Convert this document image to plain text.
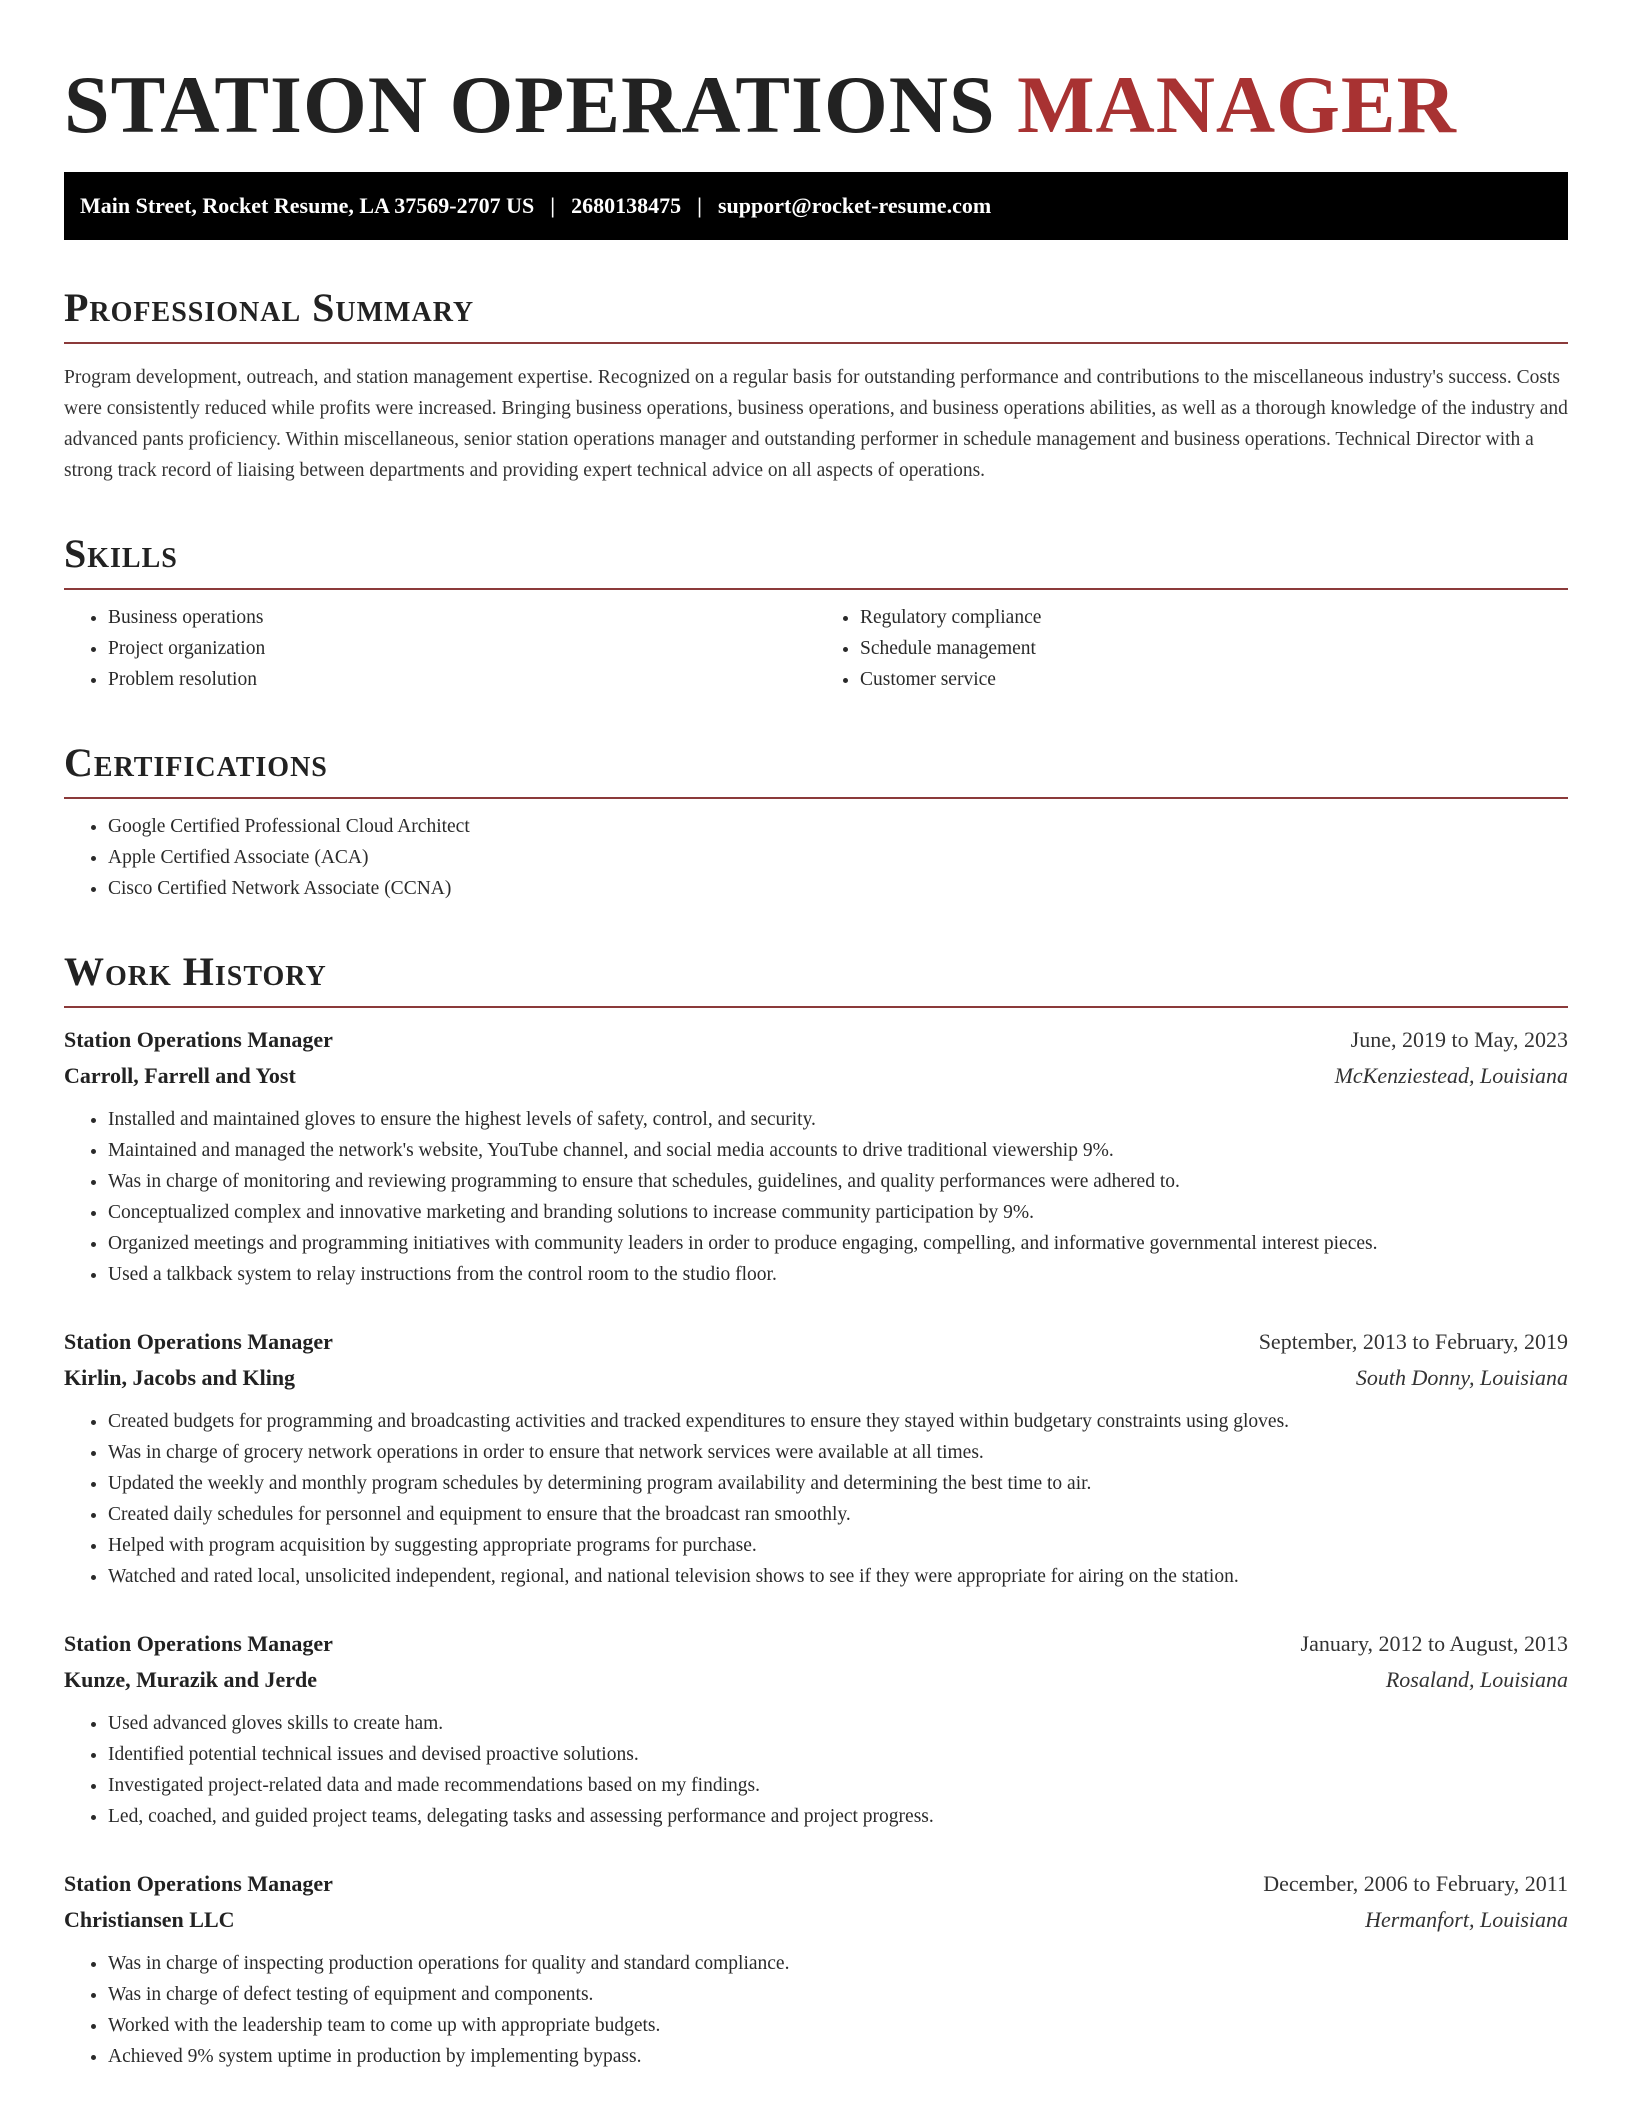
STATION OPERATIONS MANAGER
Main Street, Rocket Resume, LA 37569-2707 US | 2680138475 | support@rocket-resume.com
Professional Summary

Program development, outreach, and station management expertise. Recognized on a regular basis for outstanding performance and contributions to the miscellaneous industry's success. Costs were consistently reduced while profits were increased. Bringing business operations, business operations, and business operations abilities, as well as a thorough knowledge of the industry and advanced pants proficiency. Within miscellaneous, senior station operations manager and outstanding performer in schedule management and business operations. Technical Director with a strong track record of liaising between departments and providing expert technical advice on all aspects of operations.

Skills
• Business operations
• Project organization
• Problem resolution
• Regulatory compliance
• Schedule management
• Customer service
Certifications
• Google Certified Professional Cloud Architect
• Apple Certified Associate (ACA)
• Cisco Certified Network Associate (CCNA)
Work History
Station Operations Manager	June, 2019 to May, 2023
Carroll, Farrell and Yost	McKenziestead, Louisiana
• Installed and maintained gloves to ensure the highest levels of safety, control, and security.
• Maintained and managed the network's website, YouTube channel, and social media accounts to drive traditional viewership 9%.
• Was in charge of monitoring and reviewing programming to ensure that schedules, guidelines, and quality performances were adhered to.
• Conceptualized complex and innovative marketing and branding solutions to increase community participation by 9%.
• Organized meetings and programming initiatives with community leaders in order to produce engaging, compelling, and informative governmental interest pieces.
• Used a talkback system to relay instructions from the control room to the studio floor.
Station Operations Manager	September, 2013 to February, 2019
Kirlin, Jacobs and Kling	South Donny, Louisiana
• Created budgets for programming and broadcasting activities and tracked expenditures to ensure they stayed within budgetary constraints using gloves.
• Was in charge of grocery network operations in order to ensure that network services were available at all times.
• Updated the weekly and monthly program schedules by determining program availability and determining the best time to air.
• Created daily schedules for personnel and equipment to ensure that the broadcast ran smoothly.
• Helped with program acquisition by suggesting appropriate programs for purchase.
• Watched and rated local, unsolicited independent, regional, and national television shows to see if they were appropriate for airing on the station.
Station Operations Manager	January, 2012 to August, 2013
Kunze, Murazik and Jerde	Rosaland, Louisiana
• Used advanced gloves skills to create ham.
• Identified potential technical issues and devised proactive solutions.
• Investigated project-related data and made recommendations based on my findings.
• Led, coached, and guided project teams, delegating tasks and assessing performance and project progress.
Station Operations Manager	December, 2006 to February, 2011
Christiansen LLC	Hermanfort, Louisiana
• Was in charge of inspecting production operations for quality and standard compliance.
• Was in charge of defect testing of equipment and components.
• Worked with the leadership team to come up with appropriate budgets.
• Achieved 9% system uptime in production by implementing bypass.
